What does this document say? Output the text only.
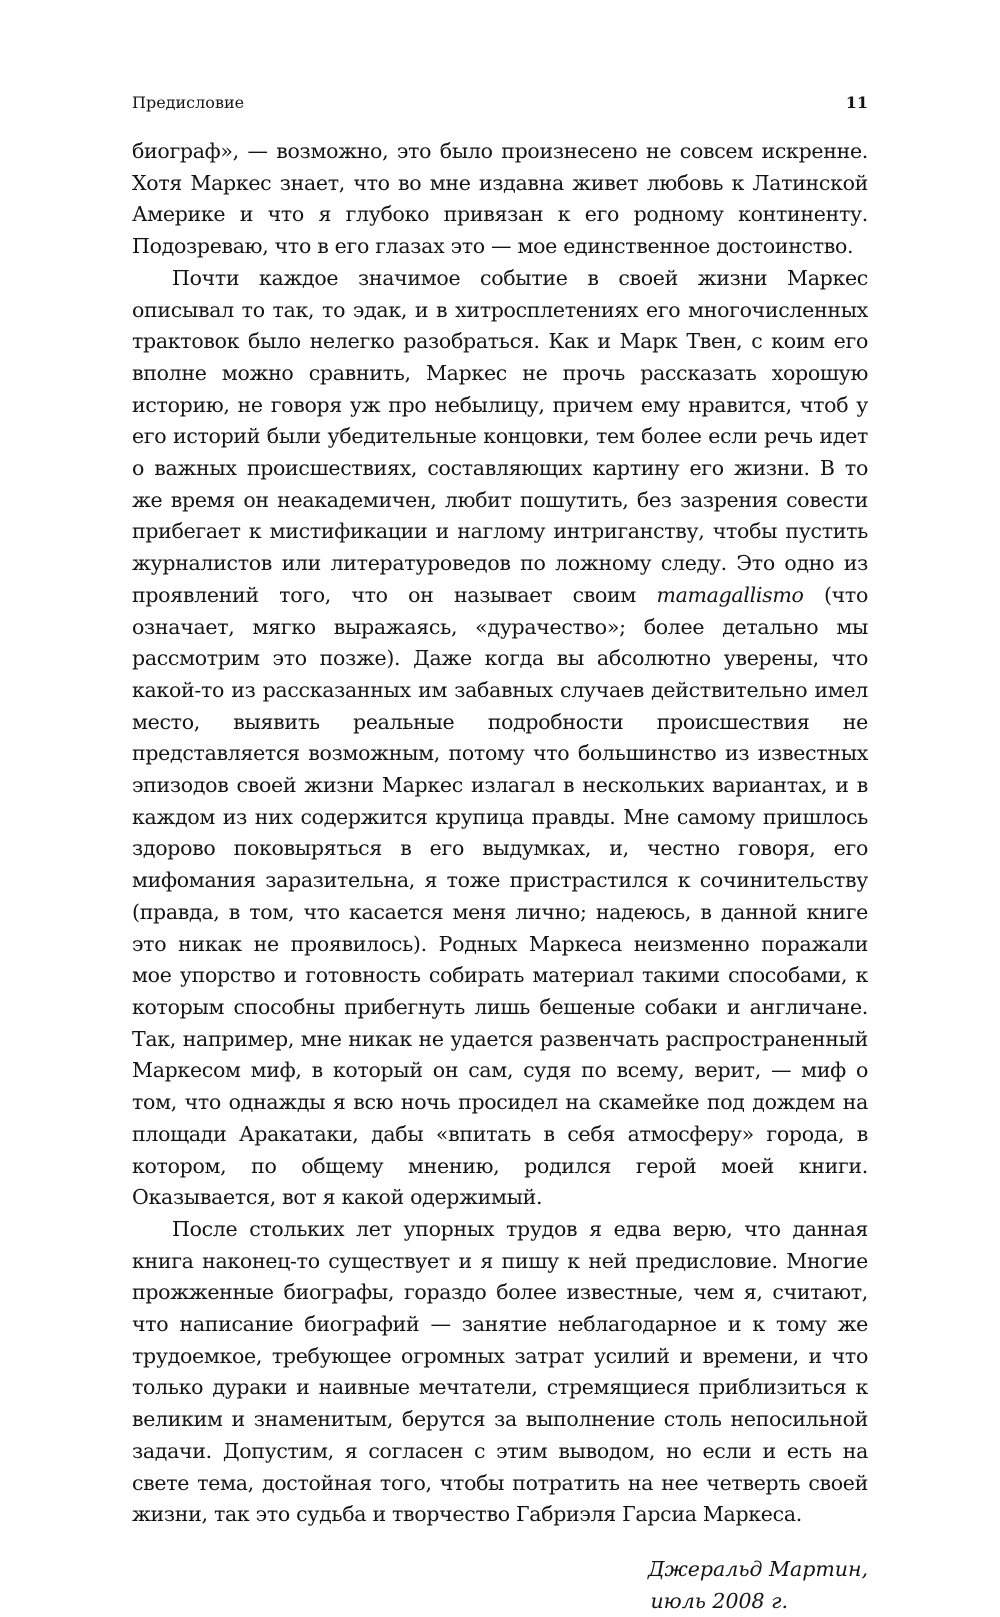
Предисловие	11

биограф», — возможно, это было произнесено не совсем искренне. Хотя Маркес знает, что во мне издавна живет любовь к Латинской Америке и что я глубоко привязан к его родному континенту. Подозреваю, что в его глазах это — мое единственное достоинство.

Почти каждое значимое событие в своей жизни Маркес описывал то так, то эдак, и в хитросплетениях его многочисленных трактовок было нелегко разобраться. Как и Марк Твен, с коим его вполне можно сравнить, Маркес не прочь рассказать хорошую историю, не говоря уж про небылицу, причем ему нравится, чтоб у его историй были убедительные концовки, тем более если речь идет о важных происшествиях, составляющих картину его жизни. В то же время он неакадемичен, любит пошутить, без зазрения совести прибегает к мистификации и наглому интриганству, чтобы пустить журналистов или литературоведов по ложному следу. Это одно из проявлений того, что он называет своим mamagallismo (что означает, мягко выражаясь, «дурачество»; более детально мы рассмотрим это позже). Даже когда вы абсолютно уверены, что какой-то из рассказанных им забавных случаев действительно имел место, выявить реальные подробности происшествия не представляется возможным, потому что большинство из известных эпизодов своей жизни Маркес излагал в нескольких вариантах, и в каждом из них содержится крупица правды. Мне самому пришлось здорово поковыряться в его выдумках, и, честно говоря, его мифомания заразительна, я тоже пристрастился к сочинительству (правда, в том, что касается меня лично; надеюсь, в данной книге это никак не проявилось). Родных Маркеса неизменно поражали мое упорство и готовность собирать материал такими способами, к которым способны прибегнуть лишь бешеные собаки и англичане. Так, например, мне никак не удается развенчать распространенный Маркесом миф, в который он сам, судя по всему, верит, — миф о том, что однажды я всю ночь просидел на скамейке под дождем на площади Аракатаки, дабы «впитать в себя атмосферу» города, в котором, по общему мнению, родился герой моей книги. Оказывается, вот я какой одержимый.

После стольких лет упорных трудов я едва верю, что данная книга наконец-то существует и я пишу к ней предисловие. Многие прожженные биографы, гораздо более известные, чем я, считают, что написание биографий — занятие неблагодарное и к тому же трудоемкое, требующее огромных затрат усилий и времени, и что только дураки и наивные мечтатели, стремящиеся приблизиться к великим и знаменитым, берутся за выполнение столь непосильной задачи. Допустим, я согласен с этим выводом, но если и есть на свете тема, достойная того, чтобы потратить на нее четверть своей жизни, так это судьба и творчество Габриэля Гарсиа Маркеса.

Джеральд Мартин,
июль 2008 г.
